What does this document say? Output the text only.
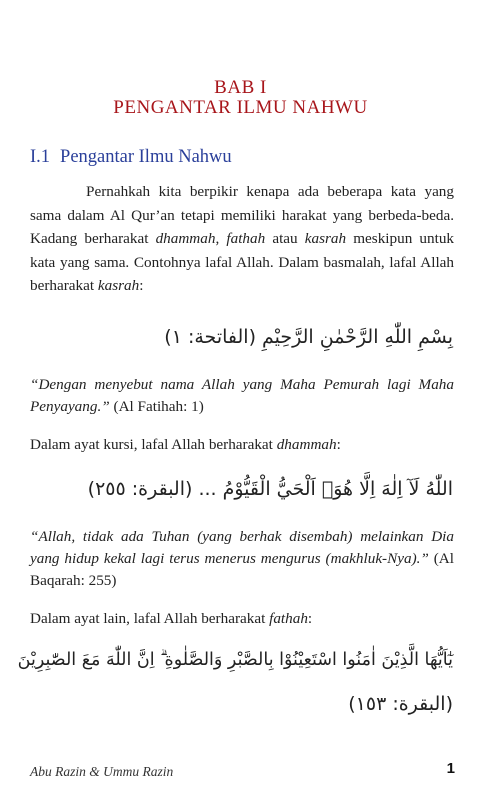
BAB I
PENGANTAR ILMU NAHWU
I.1 Pengantar Ilmu Nahwu

Pernahkah kita berpikir kenapa ada beberapa kata yang sama dalam Al Qur’an tetapi memiliki harakat yang berbeda-beda. Kadang berharakat dhammah, fathah atau kasrah meskipun untuk kata yang sama. Contohnya lafal Allah. Dalam basmalah, lafal Allah berharakat kasrah:

بِسْمِ اللّٰهِ الرَّحْمٰنِ الرَّحِيْمِ (الفاتحة: ١)

“Dengan menyebut nama Allah yang Maha Pemurah lagi Maha Penyayang.” (Al Fatihah: 1)

Dalam ayat kursi, lafal Allah berharakat dhammah:
اللّٰهُ لَآ اِلٰهَ اِلَّا هُوَۚ اَلْحَيُّ الْقَيُّوْمُ ... (البقرة: ٢٥٥)

“Allah, tidak ada Tuhan (yang berhak disembah) melainkan Dia yang hidup kekal lagi terus menerus mengurus (makhluk-Nya).” (Al Baqarah: 255)

Dalam ayat lain, lafal Allah berharakat fathah:
يٰٓاَيُّهَا الَّذِيْنَ اٰمَنُوا اسْتَعِيْنُوْا بِالصَّبْرِ وَالصَّلٰوةِ ۗ اِنَّ اللّٰهَ مَعَ الصّٰبِرِيْنَ
(البقرة: ١٥٣)
Abu Razin & Ummu Razin	1
